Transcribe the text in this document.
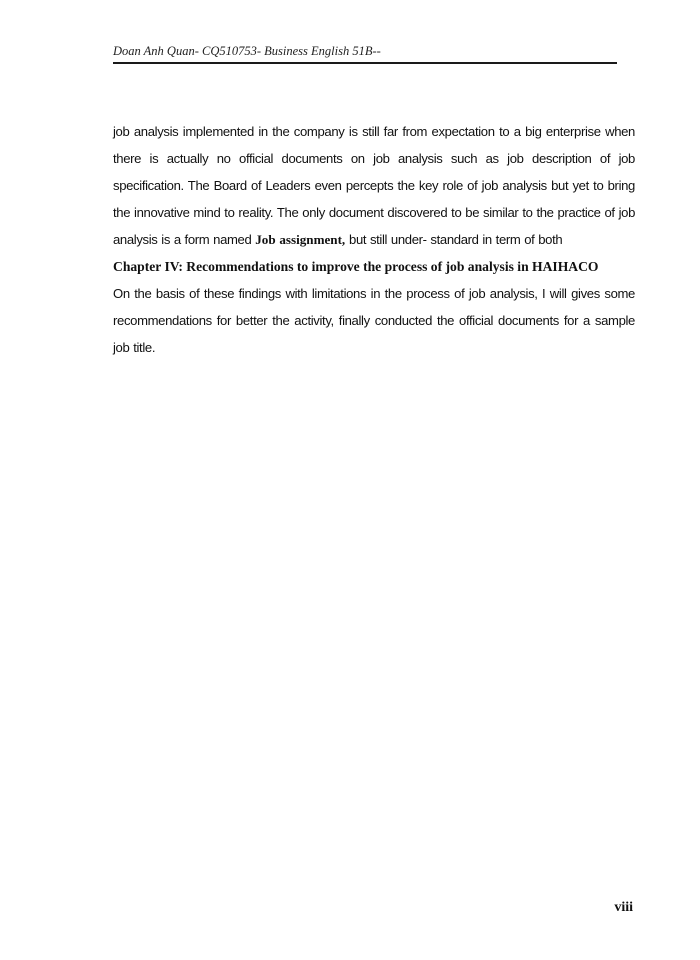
Doan Anh Quan- CQ510753- Business English 51B--

job analysis implemented in the company is still far from expectation to a big enterprise when there is actually no official documents on job analysis such as job description of job specification. The Board of Leaders even percepts the key role of job analysis but yet to bring the innovative mind to reality. The only document discovered to be similar to the practice of job analysis is a form named Job assignment, but still under- standard in term of both

Chapter IV: Recommendations to improve the process of job analysis in HAIHACO

On the basis of these findings with limitations in the process of job analysis, I will gives some recommendations for better the activity, finally conducted the official documents for a sample job title.

viii
